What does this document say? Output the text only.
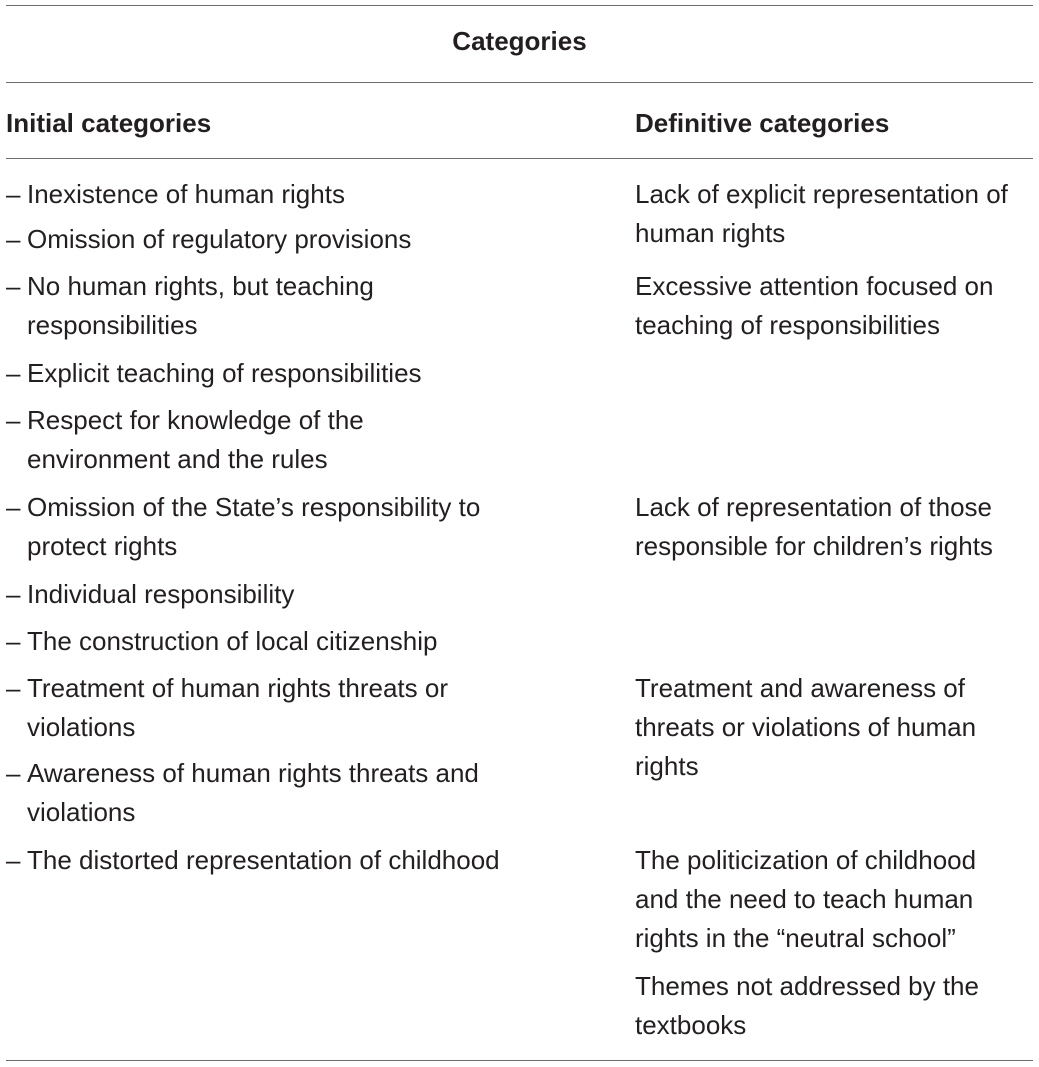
Categories
Initial categories	Definitive categories
– Inexistence of human rights
– Omission of regulatory provisions
– No human rights, but teaching responsibilities
– Explicit teaching of responsibilities
– Respect for knowledge of the environment and the rules
– Omission of the State’s responsibility to protect rights
– Individual responsibility
– The construction of local citizenship
– Treatment of human rights threats or violations
– Awareness of human rights threats and violations
– The distorted representation of childhood
Lack of explicit representation of human rights
Excessive attention focused on teaching of responsibilities
Lack of representation of those responsible for children’s rights
Treatment and awareness of threats or violations of human rights
The politicization of childhood and the need to teach human rights in the “neutral school”
Themes not addressed by the textbooks
